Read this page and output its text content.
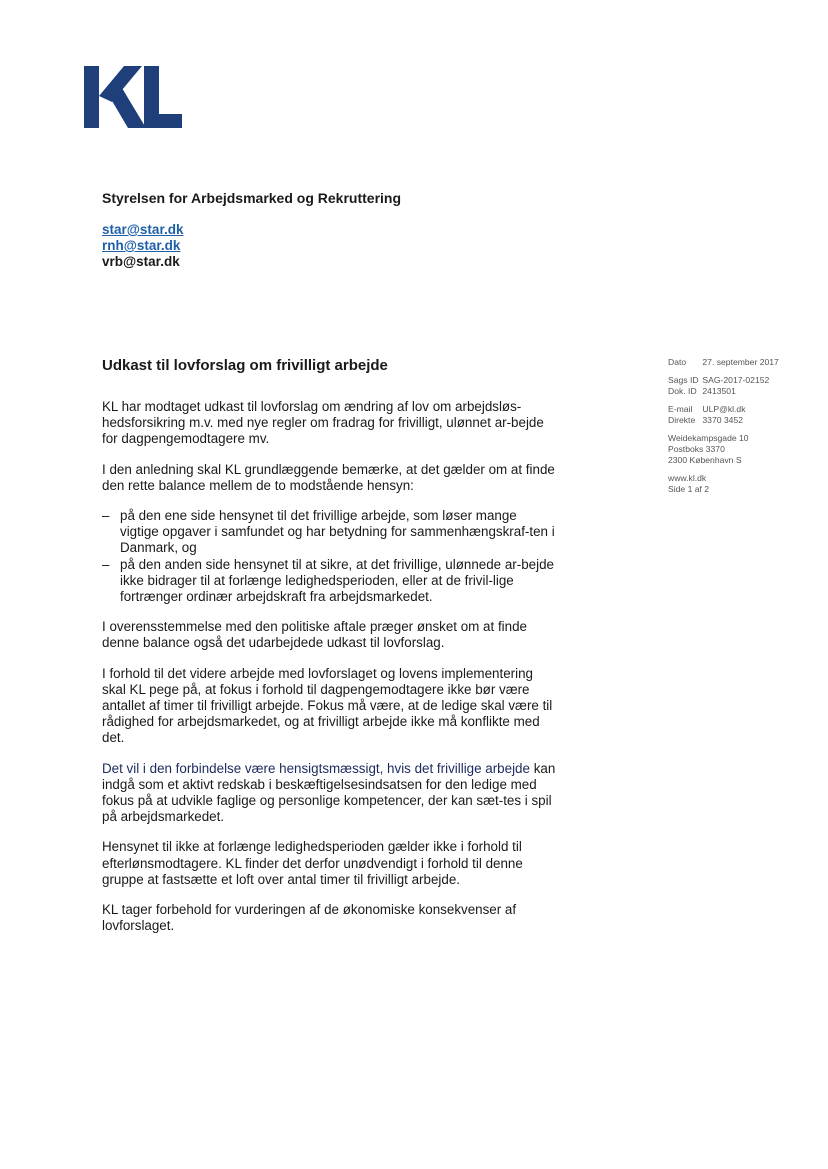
Styrelsen for Arbejdsmarked og Rekruttering
star@star.dk
rnh@star.dk
vrb@star.dk
Udkast til lovforslag om frivilligt arbejde

KL har modtaget udkast til lovforslag om ændring af lov om arbejdsløs-hedsforsikring m.v. med nye regler om fradrag for frivilligt, ulønnet ar-bejde for dagpengemodtagere mv.

I den anledning skal KL grundlæggende bemærke, at det gælder om at finde den rette balance mellem de to modstående hensyn:

– på den ene side hensynet til det frivillige arbejde, som løser mange vigtige opgaver i samfundet og har betydning for sammenhængskraf-ten i Danmark, og
– på den anden side hensynet til at sikre, at det frivillige, ulønnede ar-bejde ikke bidrager til at forlænge ledighedsperioden, eller at de frivil-lige fortrænger ordinær arbejdskraft fra arbejdsmarkedet.

I overensstemmelse med den politiske aftale præger ønsket om at finde denne balance også det udarbejdede udkast til lovforslag.

I forhold til det videre arbejde med lovforslaget og lovens implementering skal KL pege på, at fokus i forhold til dagpengemodtagere ikke bør være antallet af timer til frivilligt arbejde. Fokus må være, at de ledige skal være til rådighed for arbejdsmarkedet, og at frivilligt arbejde ikke må konflikte med det.

Det vil i den forbindelse være hensigtsmæssigt, hvis det frivillige arbejde kan indgå som et aktivt redskab i beskæftigelsesindsatsen for den ledige med fokus på at udvikle faglige og personlige kompetencer, der kan sæt-tes i spil på arbejdsmarkedet.

Hensynet til ikke at forlænge ledighedsperioden gælder ikke i forhold til efterlønsmodtagere. KL finder det derfor unødvendigt i forhold til denne gruppe at fastsætte et loft over antal timer til frivilligt arbejde.

KL tager forbehold for vurderingen af de økonomiske konsekvenser af lovforslaget.

Dato 27. september 2017
Sags ID SAG-2017-02152
Dok. ID 2413501
E-mail ULP@kl.dk
Direkte 3370 3452
Weidekampsgade 10
Postboks 3370
2300 København S
www.kl.dk
Side 1 af 2
